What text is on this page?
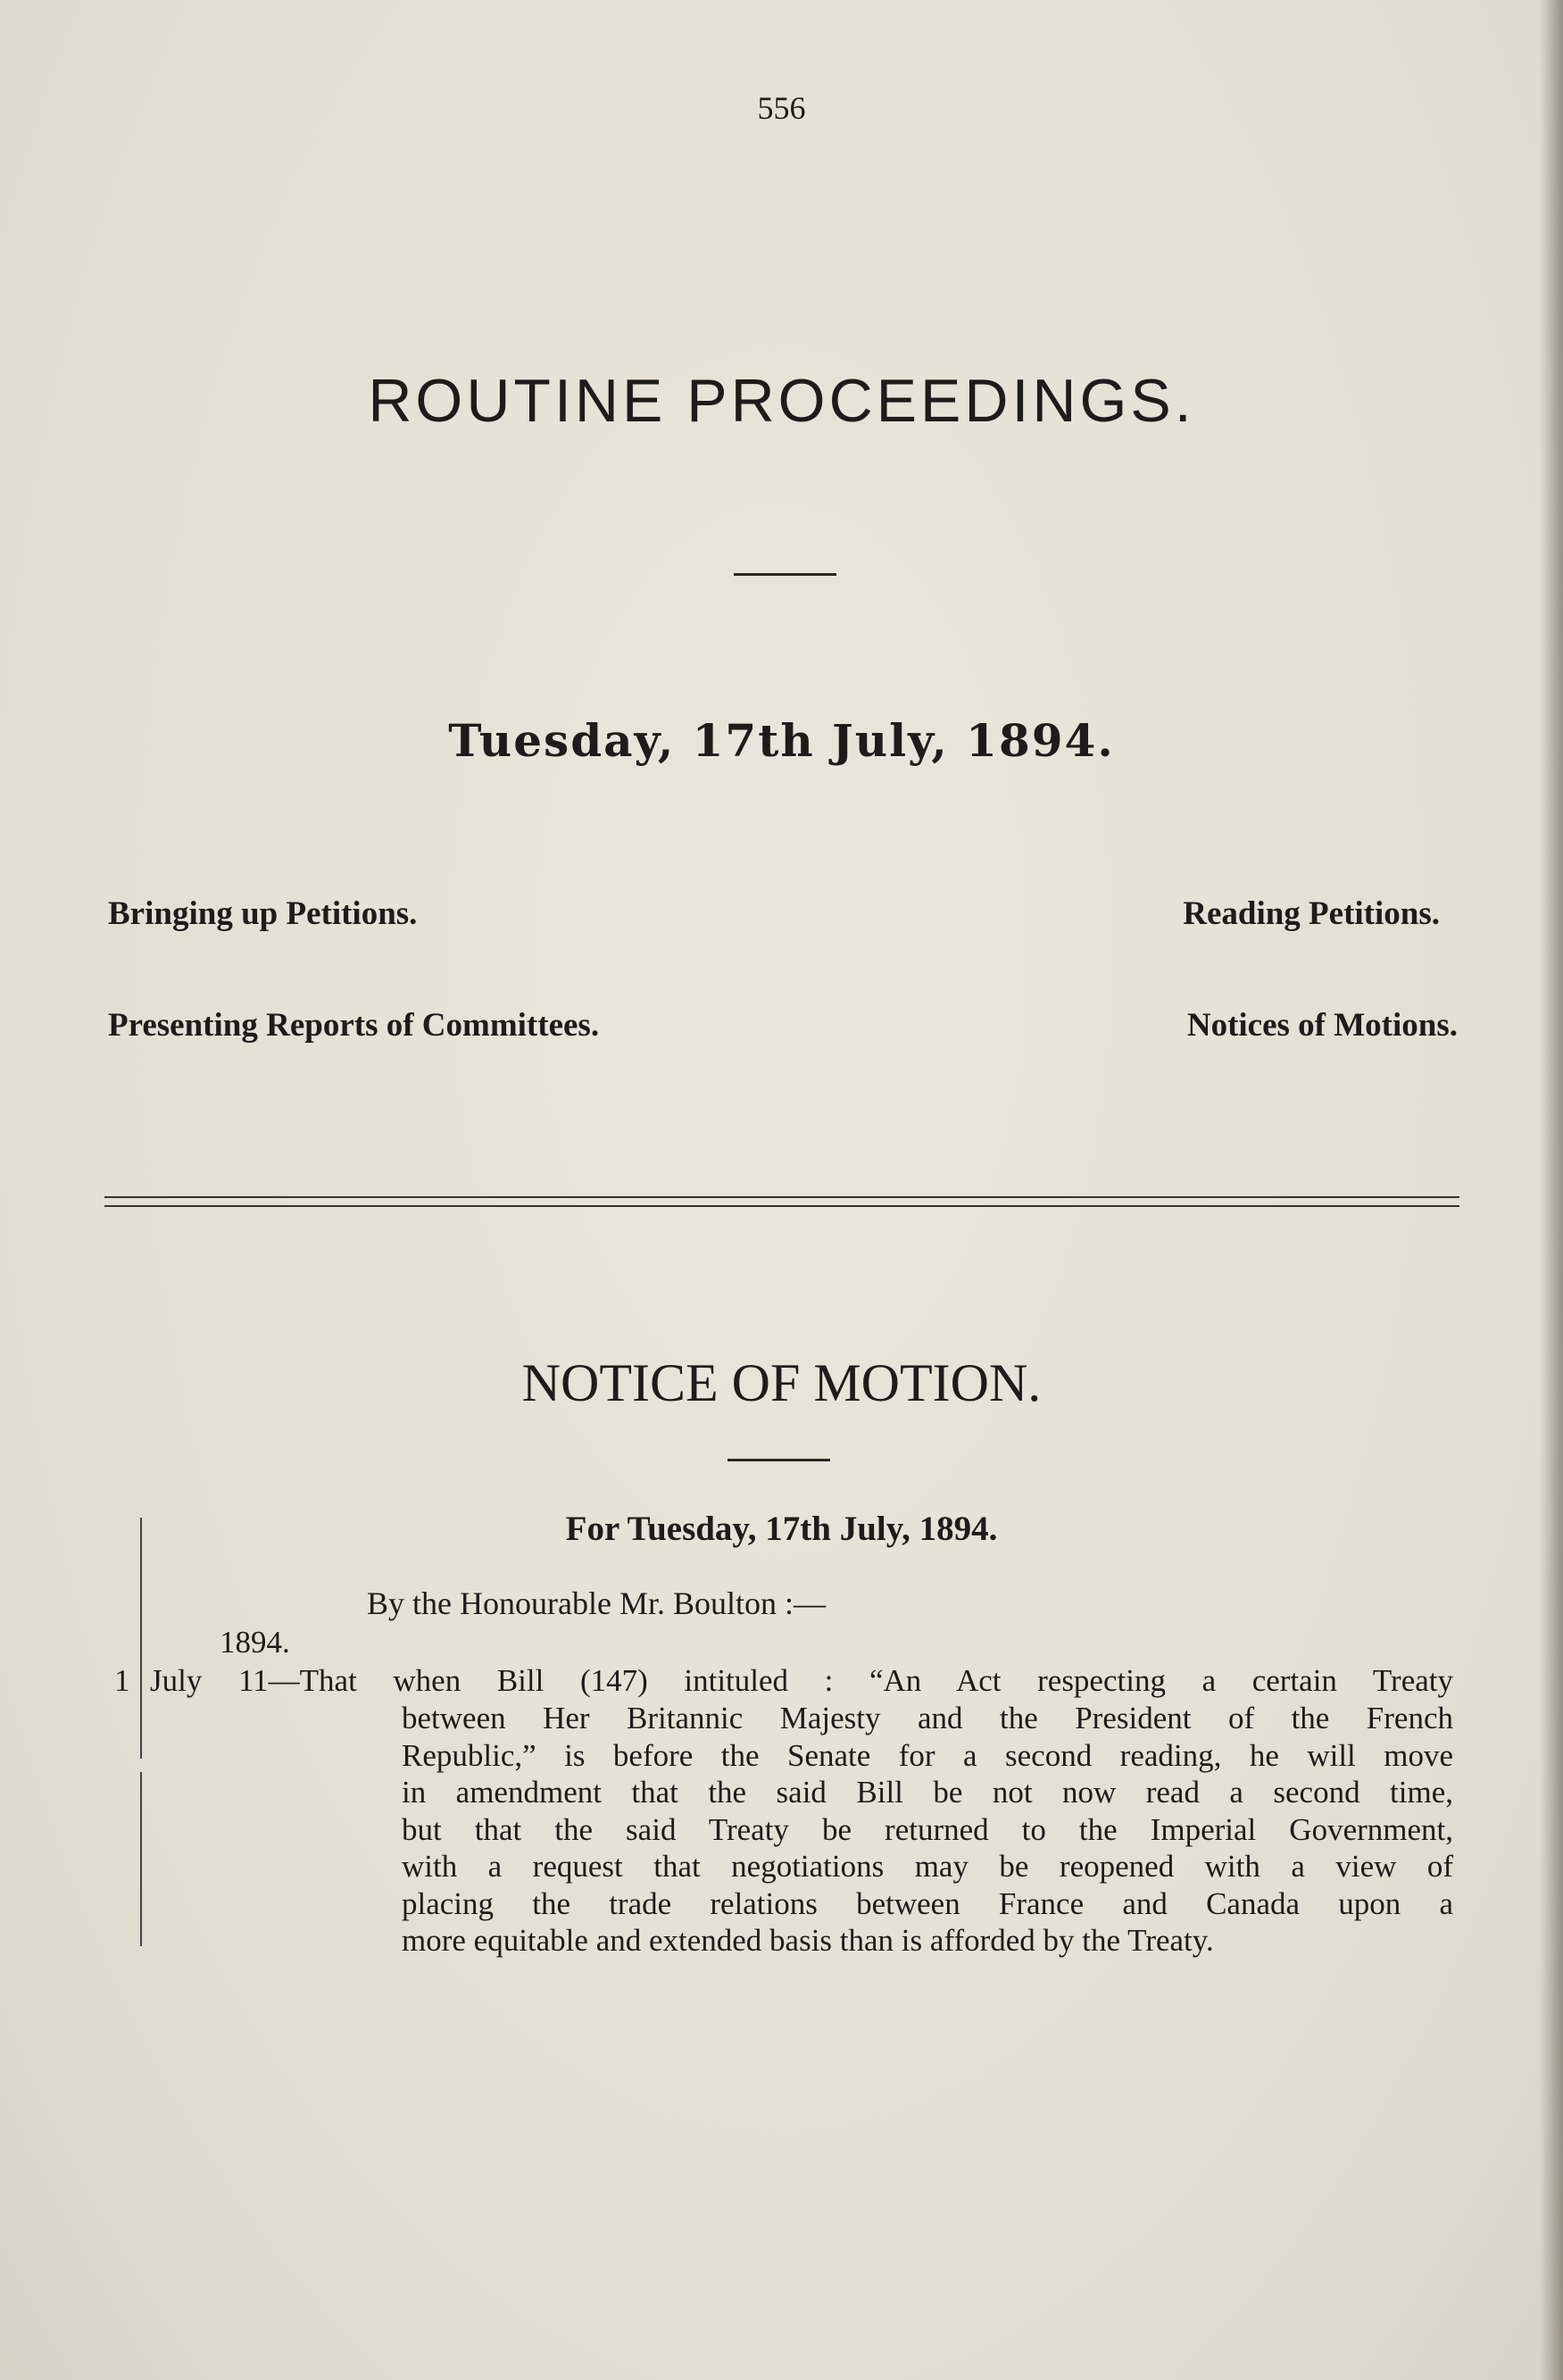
556
ROUTINE PROCEEDINGS.
Tuesday, 17th July, 1894.
Bringing up Petitions.	Reading Petitions.
Presenting Reports of Committees.	Notices of Motions.
NOTICE OF MOTION.
For Tuesday, 17th July, 1894.
By the Honourable Mr. Boulton :—
1894.
1 July 11—That when Bill (147) intituled : “An Act respecting a certain Treaty
between Her Britannic Majesty and the President of the French
Republic,” is before the Senate for a second reading, he will move
in amendment that the said Bill be not now read a second time,
but that the said Treaty be returned to the Imperial Government,
with a request that negotiations may be reopened with a view of
placing the trade relations between France and Canada upon a
more equitable and extended basis than is afforded by the Treaty.
